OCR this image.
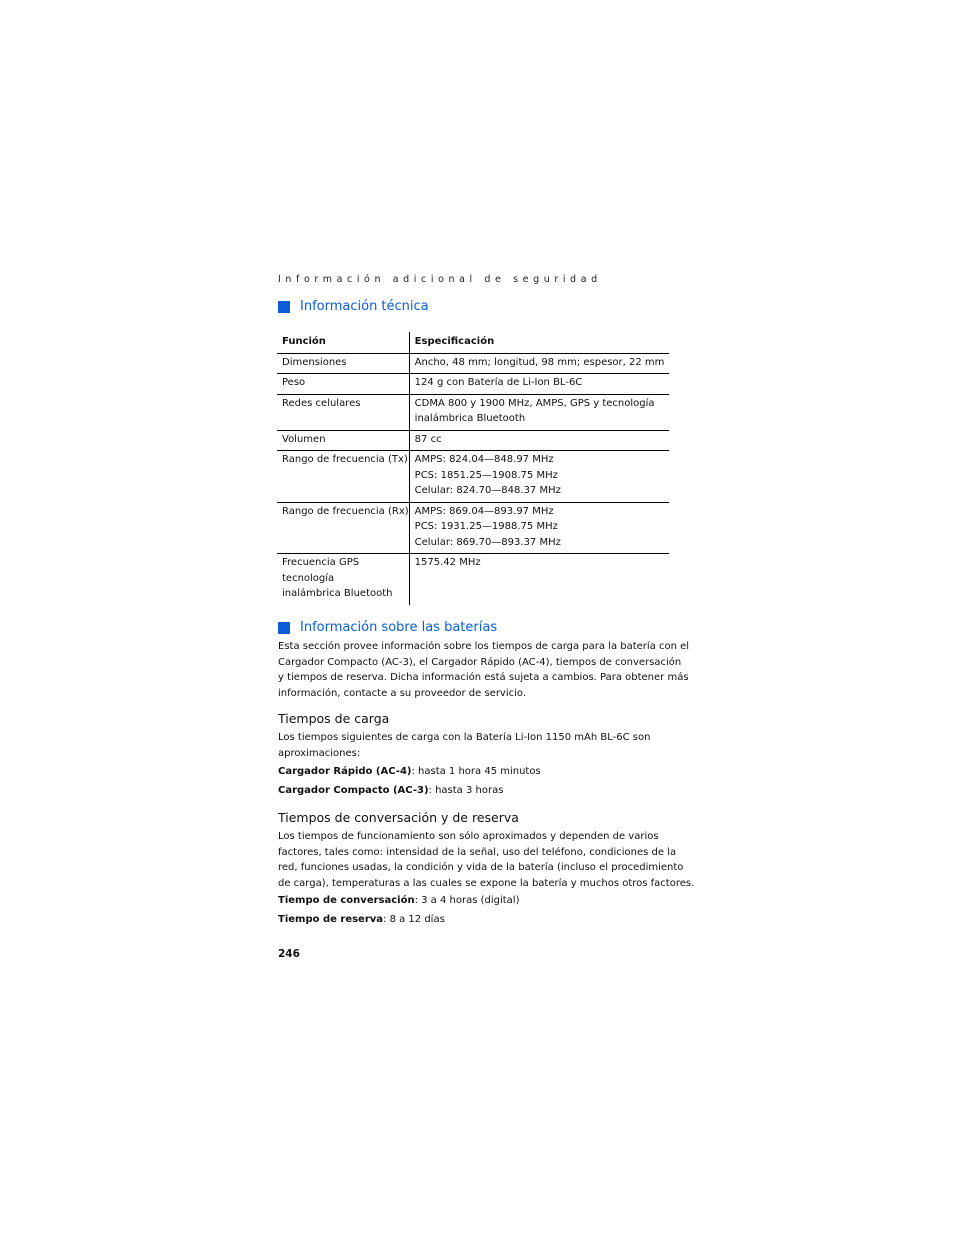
Información adicional de seguridad
Información técnica
Función	Especificación
Dimensiones	Ancho, 48 mm; longitud, 98 mm; espesor, 22 mm

Peso	124 g con Batería de Li-Ion BL-6C

Redes celulares	CDMA 800 y 1900 MHz, AMPS, GPS y tecnología
inalámbrica Bluetooth

Volumen	87 cc

Rango de frecuencia (Tx)	AMPS: 824.04—848.97 MHz
PCS: 1851.25—1908.75 MHz
Celular: 824.70—848.37 MHz

Rango de frecuencia (Rx)	AMPS: 869.04—893.97 MHz
PCS: 1931.25—1988.75 MHz
Celular: 869.70—893.37 MHz

Frecuencia GPS
tecnología
inalámbrica Bluetooth	1575.42 MHz
Información sobre las baterías
Esta sección provee información sobre los tiempos de carga para la batería con el
Cargador Compacto (AC-3), el Cargador Rápido (AC-4), tiempos de conversación
y tiempos de reserva. Dicha información está sujeta a cambios. Para obtener más
información, contacte a su proveedor de servicio.
Tiempos de carga
Los tiempos siguientes de carga con la Batería Li-Ion 1150 mAh BL-6C son
aproximaciones:
Cargador Rápido (AC-4): hasta 1 hora 45 minutos
Cargador Compacto (AC-3): hasta 3 horas
Tiempos de conversación y de reserva
Los tiempos de funcionamiento son sólo aproximados y dependen de varios
factores, tales como: intensidad de la señal, uso del teléfono, condiciones de la
red, funciones usadas, la condición y vida de la batería (incluso el procedimiento
de carga), temperaturas a las cuales se expone la batería y muchos otros factores.
Tiempo de conversación: 3 a 4 horas (digital)
Tiempo de reserva: 8 a 12 días
246
